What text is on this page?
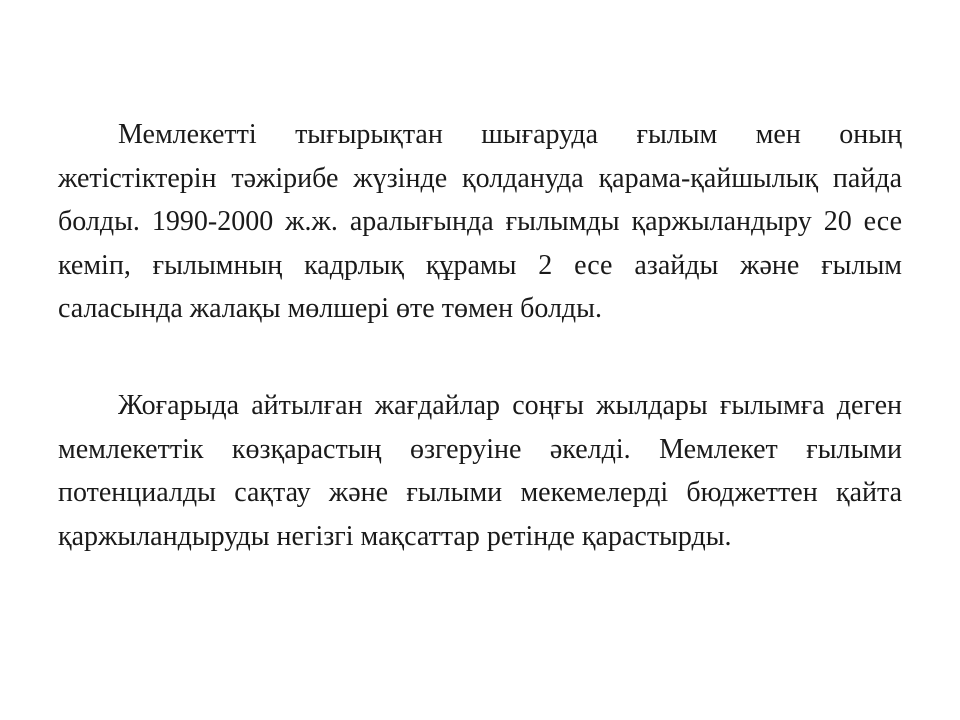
Мемлекетті тығырықтан шығаруда ғылым мен оның жетістіктерін тәжірибе жүзінде қолдануда қарама-қайшылық пайда болды. 1990-2000 ж.ж. аралығында ғылымды қаржыландыру 20 есе кеміп, ғылымның кадрлық құрамы 2 есе азайды және ғылым саласында жалақы мөлшері өте төмен болды.

Жоғарыда айтылған жағдайлар соңғы жылдары ғылымға деген мемлекеттік көзқарастың өзгеруіне әкелді. Мемлекет ғылыми потенциалды сақтау және ғылыми мекемелерді бюджеттен қайта қаржыландыруды негізгі мақсаттар ретінде қарастырды.
